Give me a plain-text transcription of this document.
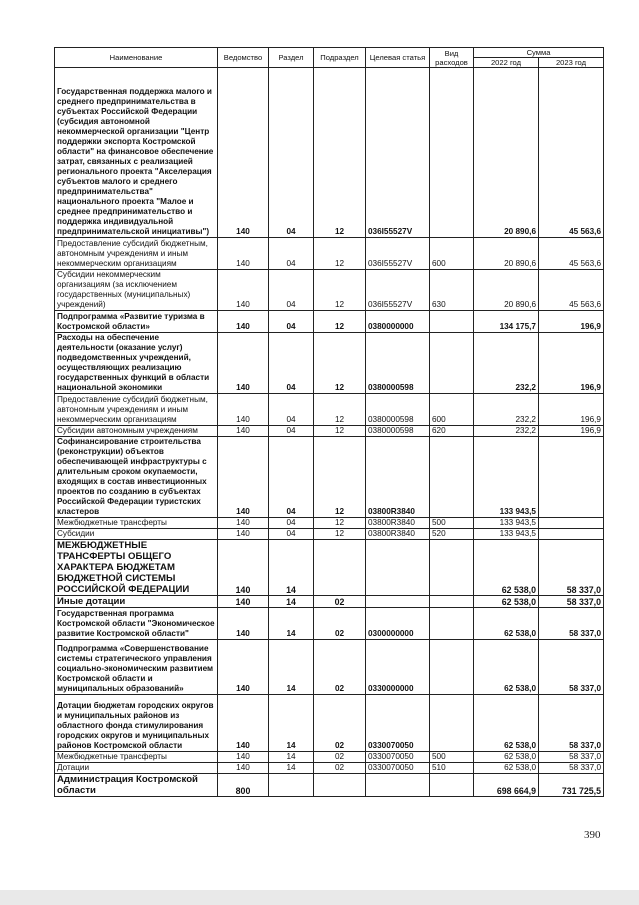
Наименование	Ведомство	Раздел	Подраздел	Целевая статья	Вид расходов	Сумма	
						2022 год	2023 год
Государственная поддержка малого и среднего предпринимательства в субъектах Российской Федерации (субсидия автономной некоммерческой организации "Центр поддержки экспорта Костромской области" на финансовое обеспечение затрат, связанных с реализацией регионального проекта "Акселерация субъектов малого и среднего предпринимательства" национального проекта "Малое и среднее предпринимательство и поддержка индивидуальной предпринимательской инициативы")	140	04	12	036I55527V		20 890,6	45 563,6
Предоставление субсидий бюджетным, автономным учреждениям и иным некоммерческим организациям	140	04	12	036I55527V	600	20 890,6	45 563,6
Субсидии некоммерческим организациям (за исключением государственных (муниципальных) учреждений)	140	04	12	036I55527V	630	20 890,6	45 563,6
Подпрограмма «Развитие туризма в Костромской области»	140	04	12	0380000000		134 175,7	196,9
Расходы на обеспечение деятельности (оказание услуг) подведомственных учреждений, осуществляющих реализацию государственных функций в области национальной экономики	140	04	12	0380000598		232,2	196,9
Предоставление субсидий бюджетным, автономным учреждениям и иным некоммерческим организациям	140	04	12	0380000598	600	232,2	196,9
Субсидии автономным учреждениям	140	04	12	0380000598	620	232,2	196,9
Софинансирование строительства (реконструкции) объектов обеспечивающей инфраструктуры с длительным сроком окупаемости, входящих в состав инвестиционных проектов по созданию в субъектах Российской Федерации туристских кластеров	140	04	12	03800R3840		133 943,5	
Межбюджетные трансферты	140	04	12	03800R3840	500	133 943,5	
Субсидии	140	04	12	03800R3840	520	133 943,5	
МЕЖБЮДЖЕТНЫЕ ТРАНСФЕРТЫ ОБЩЕГО ХАРАКТЕРА БЮДЖЕТАМ БЮДЖЕТНОЙ СИСТЕМЫ РОССИЙСКОЙ ФЕДЕРАЦИИ	140	14				62 538,0	58 337,0
Иные дотации	140	14	02			62 538,0	58 337,0
Государственная программа Костромской области "Экономическое развитие Костромской области"	140	14	02	0300000000		62 538,0	58 337,0
Подпрограмма «Совершенствование системы стратегического управления социально-экономическим развитием Костромской области и муниципальных образований»	140	14	02	0330000000		62 538,0	58 337,0
Дотации бюджетам городских округов и муниципальных районов из областного фонда стимулирования городских округов и муниципальных районов Костромской области	140	14	02	0330070050		62 538,0	58 337,0
Межбюджетные трансферты	140	14	02	0330070050	500	62 538,0	58 337,0
Дотации	140	14	02	0330070050	510	62 538,0	58 337,0
Администрация Костромской области	800					698 664,9	731 725,5
390
